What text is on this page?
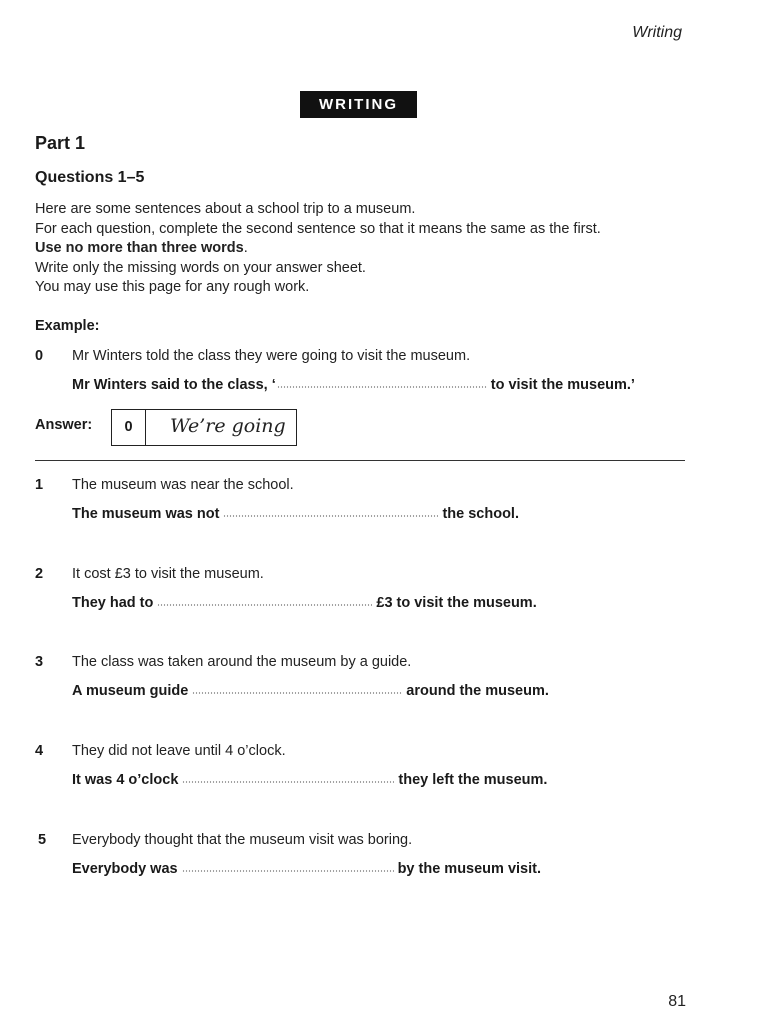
Writing
WRITING
Part 1
Questions 1–5
Here are some sentences about a school trip to a museum.
For each question, complete the second sentence so that it means the same as the first.
Use no more than three words.
Write only the missing words on your answer sheet.
You may use this page for any rough work.
Example:
0	Mr Winters told the class they were going to visit the museum.
Mr Winters said to the class, ‘	to visit the museum.’
Answer:	0	We’re going
1	The museum was near the school.
The museum was not	the school.
2	It cost £3 to visit the museum.
They had to	£3 to visit the museum.
3	The class was taken around the museum by a guide.
A museum guide	around the museum.
4	They did not leave until 4 o’clock.
It was 4 o’clock	they left the museum.
5	Everybody thought that the museum visit was boring.
Everybody was	by the museum visit.
81
